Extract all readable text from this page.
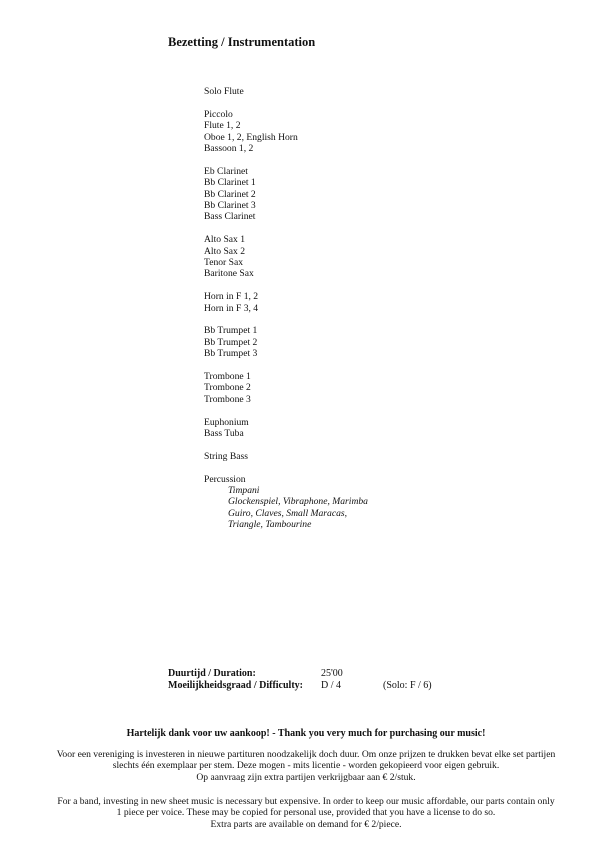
Bezetting / Instrumentation
Solo Flute
Piccolo
Flute 1, 2
Oboe 1, 2, English Horn
Bassoon 1, 2
Eb Clarinet
Bb Clarinet 1
Bb Clarinet 2
Bb Clarinet 3
Bass Clarinet
Alto Sax 1
Alto Sax 2
Tenor Sax
Baritone Sax
Horn in F 1, 2
Horn in F 3, 4
Bb Trumpet 1
Bb Trumpet 2
Bb Trumpet 3
Trombone 1
Trombone 2
Trombone 3
Euphonium
Bass Tuba
String Bass
Percussion
Timpani
Glockenspiel, Vibraphone, Marimba
Guiro, Claves, Small Maracas,
Triangle, Tambourine
Duurtijd / Duration:	25'00
Moeilijkheidsgraad / Difficulty: D / 4	(Solo: F / 6)
Hartelijk dank voor uw aankoop! - Thank you very much for purchasing our music!
Voor een vereniging is investeren in nieuwe partituren noodzakelijk doch duur. Om onze prijzen te drukken bevat elke set partijen
slechts één exemplaar per stem. Deze mogen - mits licentie - worden gekopieerd voor eigen gebruik.
Op aanvraag zijn extra partijen verkrijgbaar aan € 2/stuk.
For a band, investing in new sheet music is necessary but expensive. In order to keep our music affordable, our parts contain only
1 piece per voice. These may be copied for personal use, provided that you have a license to do so.
Extra parts are available on demand for € 2/piece.
